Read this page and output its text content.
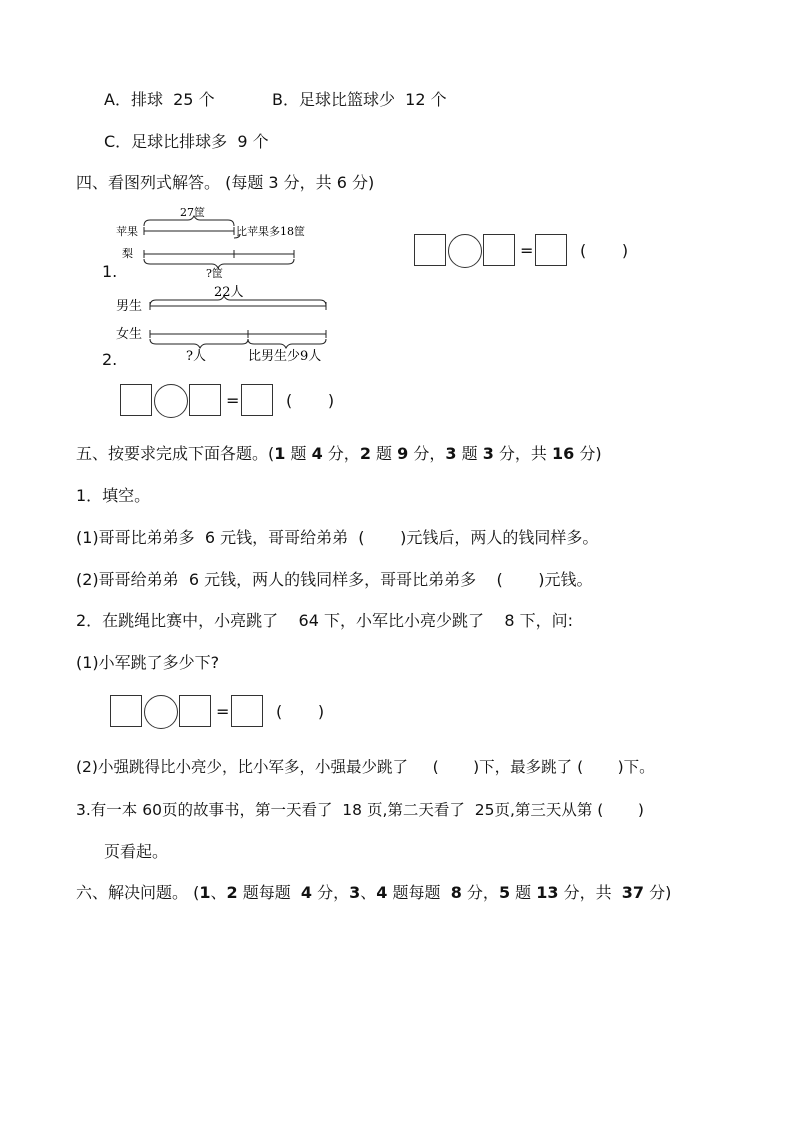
A．排球  25 个	B．足球比篮球少  12 个
C．足球比排球多  9 个
四、看图列式解答。 (每题 3 分，共 6 分)
1.
27筐
苹果	比苹果多18筐
梨
?筐
=	(       )
2.
22人
男生
女生
?人	比男生少9人
=	(       )
五、按要求完成下面各题。(1 题 4 分，2 题 9 分，3 题 3 分，共 16 分)
1．填空。
(1)哥哥比弟弟多  6 元钱，哥哥给弟弟  (       )元钱后，两人的钱同样多。
(2)哥哥给弟弟  6 元钱，两人的钱同样多，哥哥比弟弟多    (       )元钱。
2．在跳绳比赛中，小亮跳了    64 下，小军比小亮少跳了    8 下，问:
(1)小军跳了多少下?
=	(       )
(2)小强跳得比小亮少，比小军多，小强最少跳了     (       )下，最多跳了 (       )下。
3.有一本 60页的故事书，第一天看了  18 页,第二天看了  25页,第三天从第 (       )
页看起。
六、解决问题。 (1、2 题每题  4 分，3、4 题每题  8 分，5 题 13 分，共  37 分)
